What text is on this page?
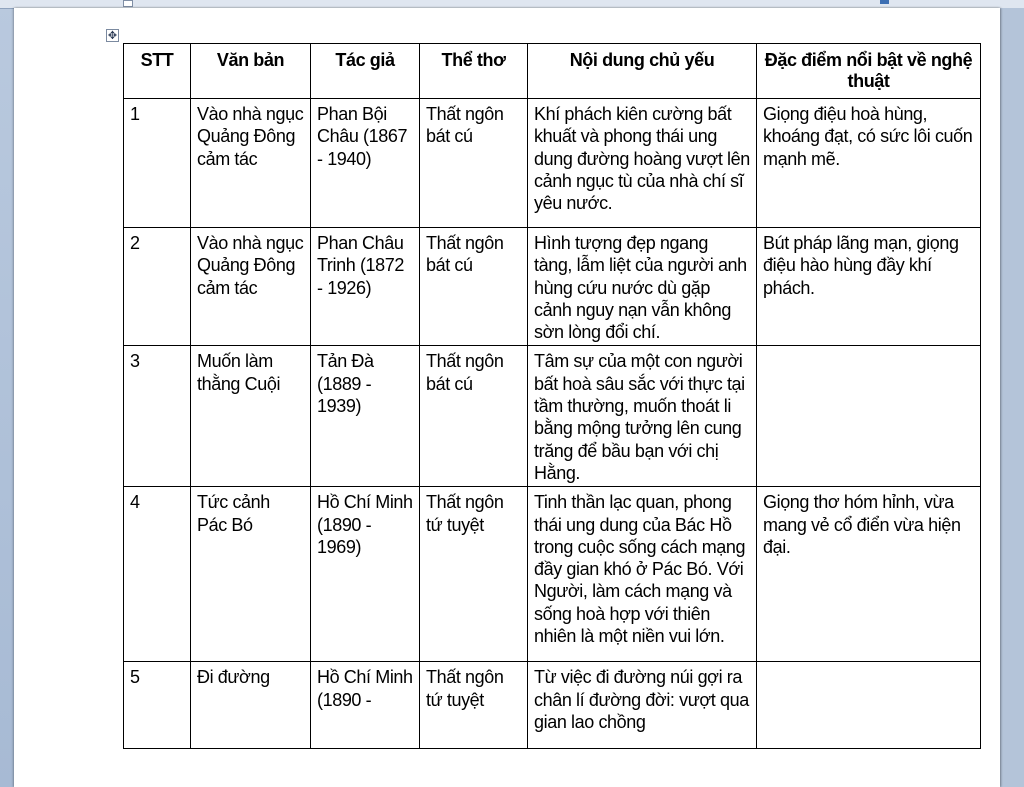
✥
STT	Văn bản	Tác giả	Thể thơ	Nội dung chủ yếu	Đặc điểm nổi bật về nghệ thuật
1	Vào nhà ngục Quảng Đông cảm tác	Phan Bội Châu (1867 - 1940)	Thất ngôn bát cú	Khí phách kiên cường bất khuất và phong thái ung dung đường hoàng vượt lên cảnh ngục tù của nhà chí sĩ yêu nước.	Giọng điệu hoà hùng, khoáng đạt, có sức lôi cuốn mạnh mẽ.
2	Vào nhà ngục Quảng Đông cảm tác	Phan Châu Trinh (1872 - 1926)	Thất ngôn bát cú	Hình tượng đẹp ngang tàng, lẫm liệt của người anh hùng cứu nước dù gặp cảnh nguy nạn vẫn không sờn lòng đổi chí.	Bút pháp lãng mạn, giọng điệu hào hùng đầy khí phách.
3	Muốn làm thằng Cuội	Tản Đà (1889 - 1939)	Thất ngôn bát cú	Tâm sự của một con người bất hoà sâu sắc với thực tại tầm thường, muốn thoát li bằng mộng tưởng lên cung trăng để bầu bạn với chị Hằng.	
4	Tức cảnh Pác Bó	Hồ Chí Minh (1890 - 1969)	Thất ngôn tứ tuyệt	Tinh thần lạc quan, phong thái ung dung của Bác Hồ trong cuộc sống cách mạng đầy gian khó ở Pác Bó. Với Người, làm cách mạng và sống hoà hợp với thiên nhiên là một niền vui lớn.	Giọng thơ hóm hỉnh, vừa mang vẻ cổ điển vừa hiện đại.
5	Đi đường	Hồ Chí Minh (1890 -	Thất ngôn tứ tuyệt	Từ việc đi đường núi gợi ra chân lí đường đời: vượt qua gian lao chồng	
